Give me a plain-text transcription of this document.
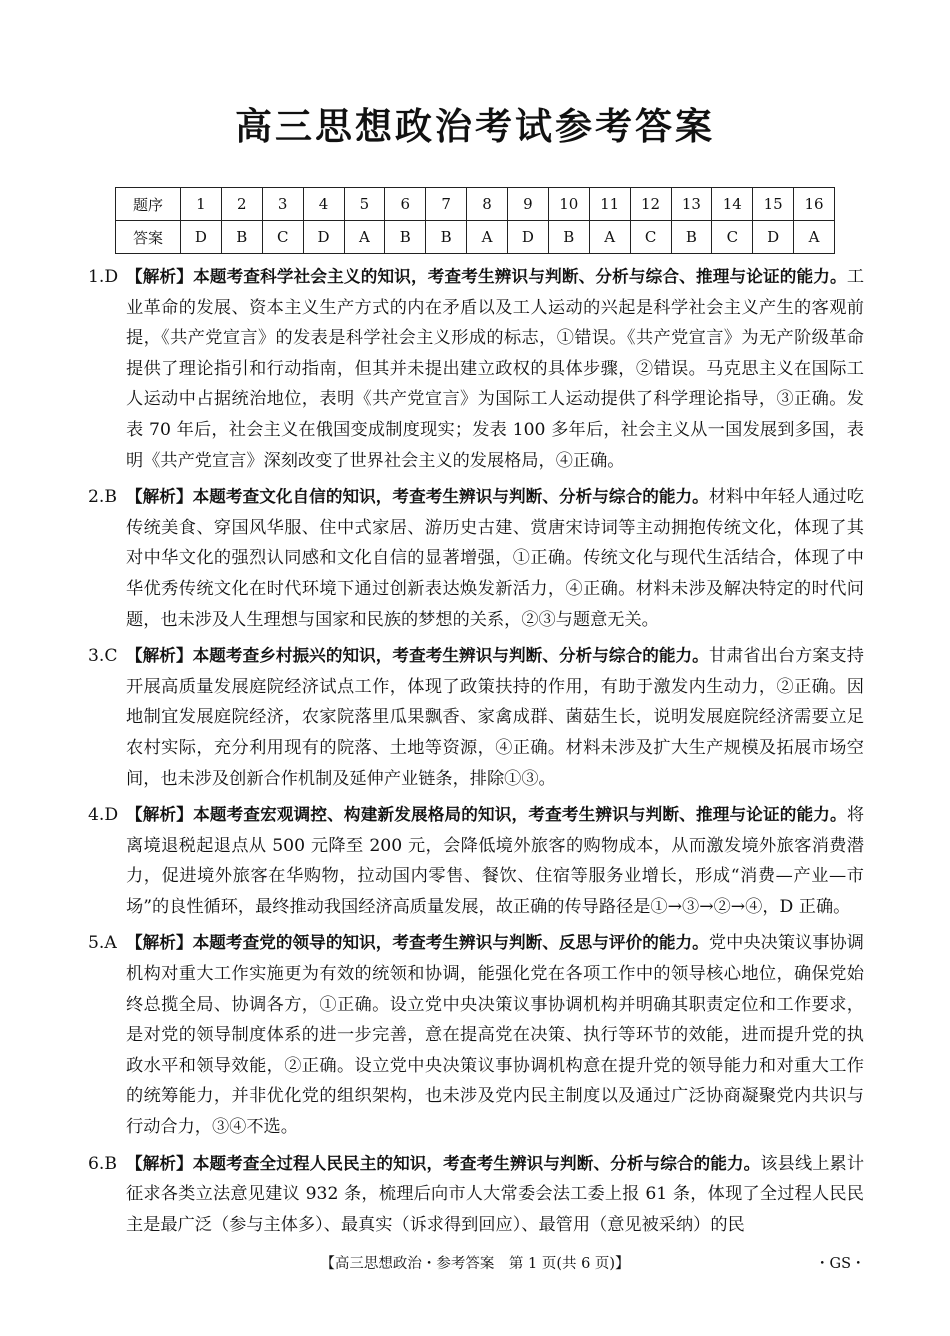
高三思想政治考试参考答案
题序	1	2	3	4	5	6	7	8	9	10	11	12	13	14	15	16
答案	D	B	C	D	A	B	B	A	D	B	A	C	B	C	D	A
1.D 【解析】本题考查科学社会主义的知识，考查考生辨识与判断、分析与综合、推理与论证的能力。工业革命的发展、资本主义生产方式的内在矛盾以及工人运动的兴起是科学社会主义产生的客观前提，《共产党宣言》的发表是科学社会主义形成的标志，①错误。《共产党宣言》为无产阶级革命提供了理论指引和行动指南，但其并未提出建立政权的具体步骤，②错误。马克思主义在国际工人运动中占据统治地位，表明《共产党宣言》为国际工人运动提供了科学理论指导，③正确。发表 70 年后，社会主义在俄国变成制度现实；发表 100 多年后，社会主义从一国发展到多国，表明《共产党宣言》深刻改变了世界社会主义的发展格局，④正确。
2.B 【解析】本题考查文化自信的知识，考查考生辨识与判断、分析与综合的能力。材料中年轻人通过吃传统美食、穿国风华服、住中式家居、游历史古建、赏唐宋诗词等主动拥抱传统文化，体现了其对中华文化的强烈认同感和文化自信的显著增强，①正确。传统文化与现代生活结合，体现了中华优秀传统文化在时代环境下通过创新表达焕发新活力，④正确。材料未涉及解决特定的时代问题，也未涉及人生理想与国家和民族的梦想的关系，②③与题意无关。
3.C 【解析】本题考查乡村振兴的知识，考查考生辨识与判断、分析与综合的能力。甘肃省出台方案支持开展高质量发展庭院经济试点工作，体现了政策扶持的作用，有助于激发内生动力，②正确。因地制宜发展庭院经济，农家院落里瓜果飘香、家禽成群、菌菇生长，说明发展庭院经济需要立足农村实际，充分利用现有的院落、土地等资源，④正确。材料未涉及扩大生产规模及拓展市场空间，也未涉及创新合作机制及延伸产业链条，排除①③。
4.D 【解析】本题考查宏观调控、构建新发展格局的知识，考查考生辨识与判断、推理与论证的能力。将离境退税起退点从 500 元降至 200 元，会降低境外旅客的购物成本，从而激发境外旅客消费潜力，促进境外旅客在华购物，拉动国内零售、餐饮、住宿等服务业增长，形成“消费—产业—市场”的良性循环，最终推动我国经济高质量发展，故正确的传导路径是①→③→②→④，D 正确。
5.A 【解析】本题考查党的领导的知识，考查考生辨识与判断、反思与评价的能力。党中央决策议事协调机构对重大工作实施更为有效的统领和协调，能强化党在各项工作中的领导核心地位，确保党始终总揽全局、协调各方，①正确。设立党中央决策议事协调机构并明确其职责定位和工作要求，是对党的领导制度体系的进一步完善，意在提高党在决策、执行等环节的效能，进而提升党的执政水平和领导效能，②正确。设立党中央决策议事协调机构意在提升党的领导能力和对重大工作的统筹能力，并非优化党的组织架构，也未涉及党内民主制度以及通过广泛协商凝聚党内共识与行动合力，③④不选。
6.B 【解析】本题考查全过程人民民主的知识，考查考生辨识与判断、分析与综合的能力。该县线上累计征求各类立法意见建议 932 条，梳理后向市人大常委会法工委上报 61 条，体现了全过程人民民主是最广泛（参与主体多）、最真实（诉求得到回应）、最管用（意见被采纳）的民
【高三思想政治・参考答案　第 1 页(共 6 页)】	・GS・
